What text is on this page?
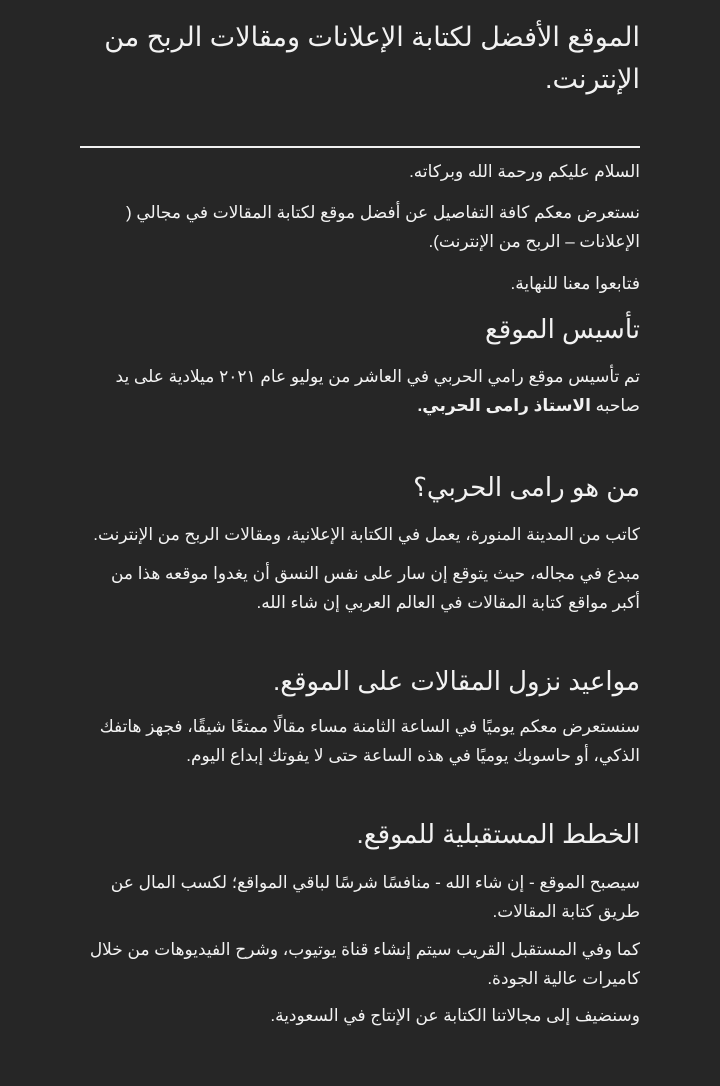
الموقع الأفضل لكتابة الإعلانات ومقالات الربح من الإنترنت.

السلام عليكم ورحمة الله وبركاته.

نستعرض معكم كافة التفاصيل عن أفضل موقع لكتابة المقالات في مجالي ( الإعلانات – الربح من الإنترنت).

فتابعوا معنا للنهاية.

تأسيس الموقع

تم تأسيس موقع رامي الحربي في العاشر من يوليو عام ٢٠٢١ ميلادية على يد صاحبه الاستاذ رامى الحربي.

من هو رامى الحربي؟

كاتب من المدينة المنورة، يعمل في الكتابة الإعلانية، ومقالات الربح من الإنترنت.

مبدع في مجاله، حيث يتوقع إن سار على نفس النسق أن يغدوا موقعه هذا من أكبر مواقع كتابة المقالات في العالم العربي إن شاء الله.

مواعيد نزول المقالات على الموقع.

سنستعرض معكم يوميًا في الساعة الثامنة مساء مقالًا ممتعًا شيقًا، فجهز هاتفك الذكي، أو حاسوبك يوميًا في هذه الساعة حتى لا يفوتك إبداع اليوم.

الخطط المستقبلية للموقع.

سيصبح الموقع - إن شاء الله - منافسًا شرسًا لباقي المواقع؛ لكسب المال عن طريق كتابة المقالات.

كما وفي المستقبل القريب سيتم إنشاء قناة يوتيوب، وشرح الفيديوهات من خلال كاميرات عالية الجودة.

وسنضيف إلى مجالاتنا الكتابة عن الإنتاج في السعودية.
